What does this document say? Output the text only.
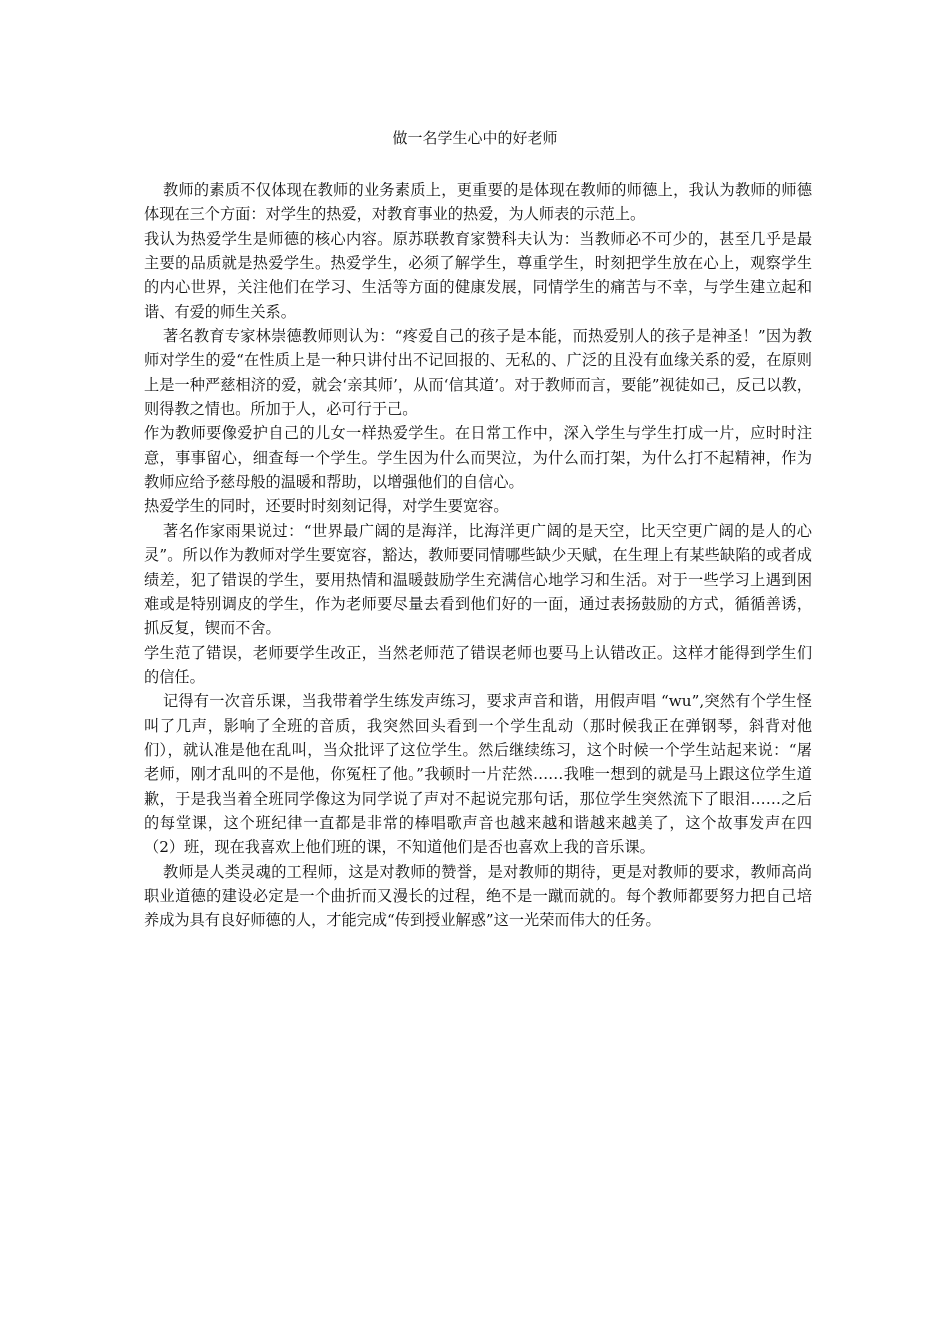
做一名学生心中的好老师

教师的素质不仅体现在教师的业务素质上，更重要的是体现在教师的师德上，我认为教师的师德体现在三个方面：对学生的热爱，对教育事业的热爱，为人师表的示范上。

我认为热爱学生是师德的核心内容。原苏联教育家赞科夫认为：当教师必不可少的，甚至几乎是最主要的品质就是热爱学生。热爱学生，必须了解学生，尊重学生，时刻把学生放在心上，观察学生的内心世界，关注他们在学习、生活等方面的健康发展，同情学生的痛苦与不幸，与学生建立起和谐、有爱的师生关系。

著名教育专家林崇德教师则认为：“疼爱自己的孩子是本能，而热爱别人的孩子是神圣！”因为教师对学生的爱“在性质上是一种只讲付出不记回报的、无私的、广泛的且没有血缘关系的爱，在原则上是一种严慈相济的爱，就会‘亲其师’，从而‘信其道’。对于教师而言，要能”视徒如己，反己以教，则得教之情也。所加于人，必可行于己。

作为教师要像爱护自己的儿女一样热爱学生。在日常工作中，深入学生与学生打成一片，应时时注意，事事留心，细查每一个学生。学生因为什么而哭泣，为什么而打架，为什么打不起精神，作为教师应给予慈母般的温暖和帮助，以增强他们的自信心。

热爱学生的同时，还要时时刻刻记得，对学生要宽容。

著名作家雨果说过：“世界最广阔的是海洋，比海洋更广阔的是天空，比天空更广阔的是人的心灵”。所以作为教师对学生要宽容，豁达，教师要同情哪些缺少天赋，在生理上有某些缺陷的或者成绩差，犯了错误的学生，要用热情和温暖鼓励学生充满信心地学习和生活。对于一些学习上遇到困难或是特别调皮的学生，作为老师要尽量去看到他们好的一面，通过表扬鼓励的方式，循循善诱，抓反复，锲而不舍。

学生范了错误，老师要学生改正，当然老师范了错误老师也要马上认错改正。这样才能得到学生们的信任。

记得有一次音乐课，当我带着学生练发声练习，要求声音和谐，用假声唱 “wu”,突然有个学生怪叫了几声，影响了全班的音质，我突然回头看到一个学生乱动（那时候我正在弹钢琴，斜背对他们），就认准是他在乱叫，当众批评了这位学生。然后继续练习，这个时候一个学生站起来说：“屠老师，刚才乱叫的不是他，你冤枉了他。”我顿时一片茫然……我唯一想到的就是马上跟这位学生道歉，于是我当着全班同学像这为同学说了声对不起说完那句话，那位学生突然流下了眼泪……之后的每堂课，这个班纪律一直都是非常的棒唱歌声音也越来越和谐越来越美了，这个故事发声在四（2）班，现在我喜欢上他们班的课，不知道他们是否也喜欢上我的音乐课。

教师是人类灵魂的工程师，这是对教师的赞誉，是对教师的期待，更是对教师的要求，教师高尚职业道德的建设必定是一个曲折而又漫长的过程，绝不是一蹴而就的。每个教师都要努力把自己培养成为具有良好师德的人，才能完成“传到授业解惑”这一光荣而伟大的任务。
